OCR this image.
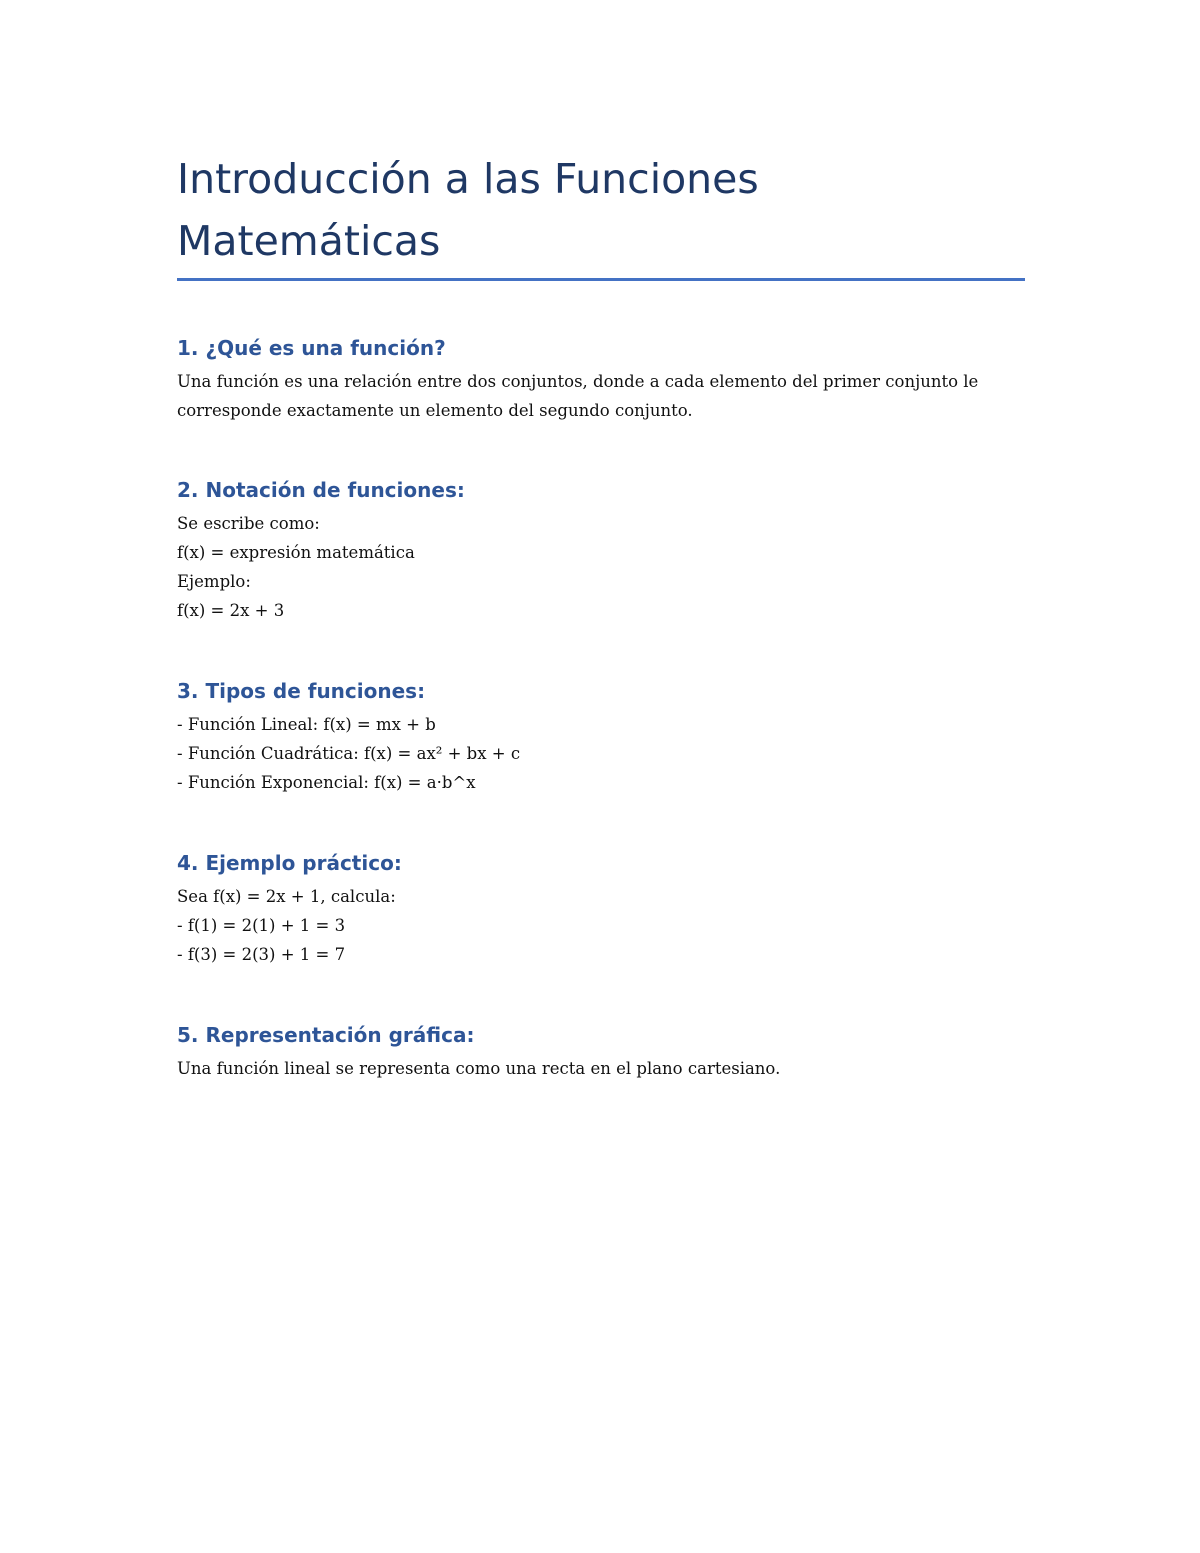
Introducción a las Funciones Matemáticas
1. ¿Qué es una función?

Una función es una relación entre dos conjuntos, donde a cada elemento del primer conjunto le corresponde exactamente un elemento del segundo conjunto.

2. Notación de funciones:

Se escribe como:

f(x) = expresión matemática

Ejemplo:

f(x) = 2x + 3

3. Tipos de funciones:

- Función Lineal: f(x) = mx + b

- Función Cuadrática: f(x) = ax² + bx + c

- Función Exponencial: f(x) = a·b^x

4. Ejemplo práctico:

Sea f(x) = 2x + 1, calcula:

- f(1) = 2(1) + 1 = 3

- f(3) = 2(3) + 1 = 7

5. Representación gráfica:

Una función lineal se representa como una recta en el plano cartesiano.
